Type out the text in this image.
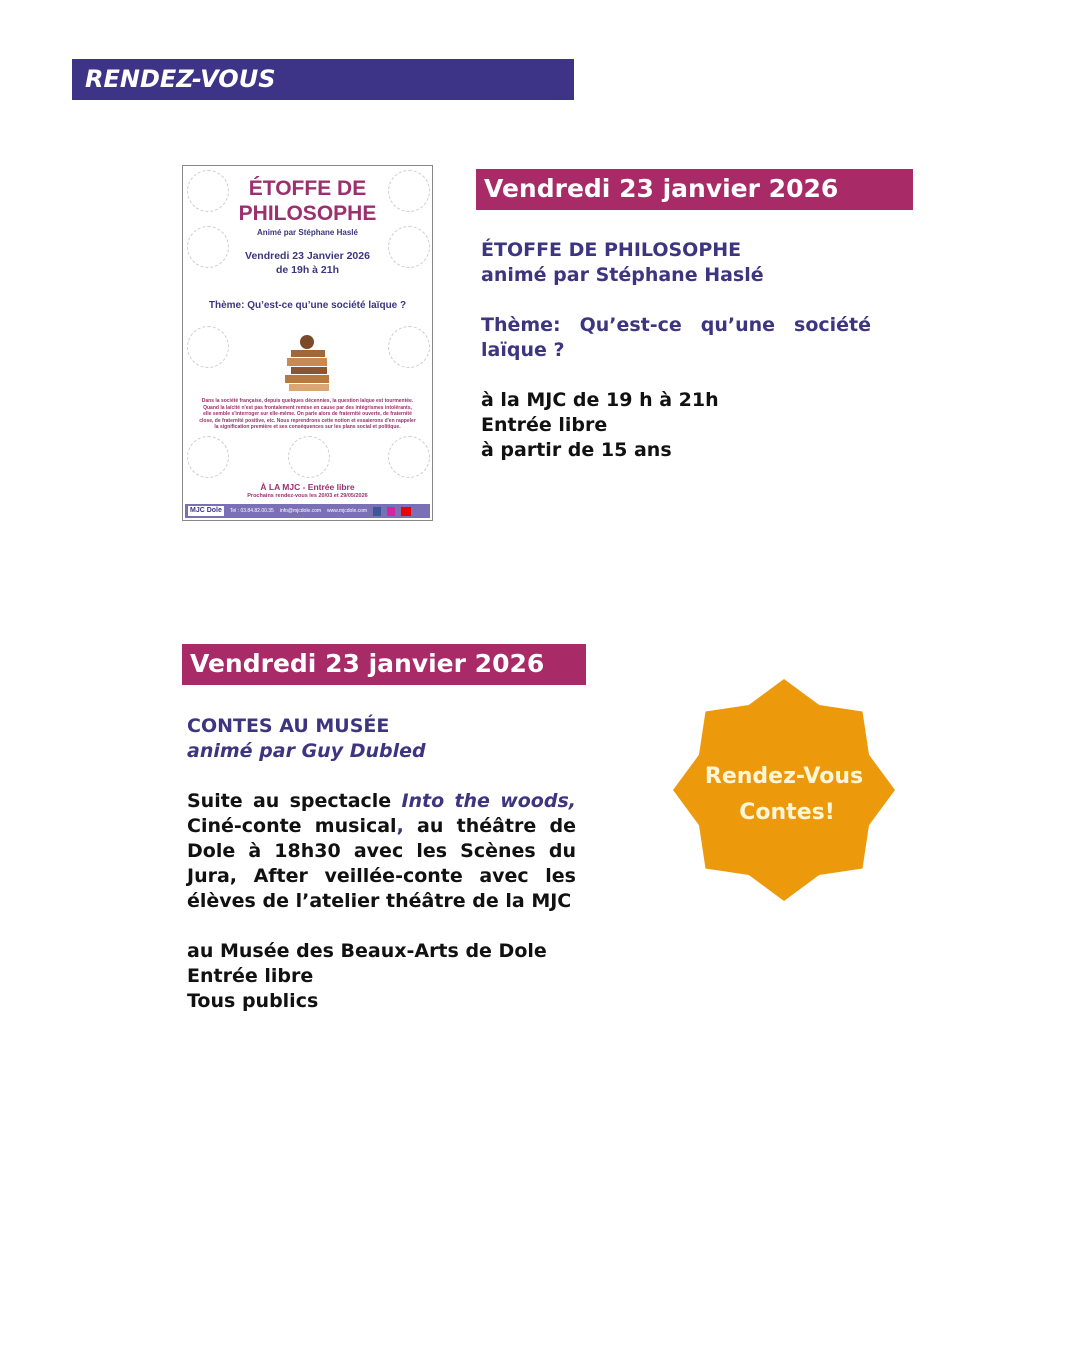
RENDEZ-VOUS
ÉTOFFE DE
PHILOSOPHE
Animé par Stéphane Haslé
Vendredi 23 Janvier 2026
de 19h à 21h
Thème: Qu’est-ce qu’une société laïque ?
Dans la société française, depuis quelques décennies, la question laïque est tourmentée. Quand la laïcité n'est pas frontalement remise en cause par des intégrismes intolérants, elle semble s'interroger sur elle-même. On parle alors de fraternité ouverte, de fraternité close, de fraternité positive, etc. Nous reprendrons cette notion et essaierons d'en rappeler la signification première et ses conséquences sur les plans social et politique.
À LA MJC - Entrée libre
Prochains rendez-vous les 20/03 et 29/05/2026
MJC Dole	Tel : 03.84.82.00.35 info@mjcdole.com www.mjcdole.com
Vendredi 23 janvier 2026
ÉTOFFE DE PHILOSOPHE
animé par Stéphane Haslé

Thème: Qu’est-ce qu’une société laïque ?

à la MJC de 19 h à 21h
Entrée libre
à partir de 15 ans
Vendredi 23 janvier 2026
CONTES AU MUSÉE
animé par Guy Dubled

Suite au spectacle Into the woods, Ciné-conte musical, au théâtre de Dole à 18h30 avec les Scènes du Jura, After veillée-conte avec les élèves de l’atelier théâtre de la MJC

au Musée des Beaux-Arts de Dole
Entrée libre
Tous publics
Rendez-Vous
Contes!
